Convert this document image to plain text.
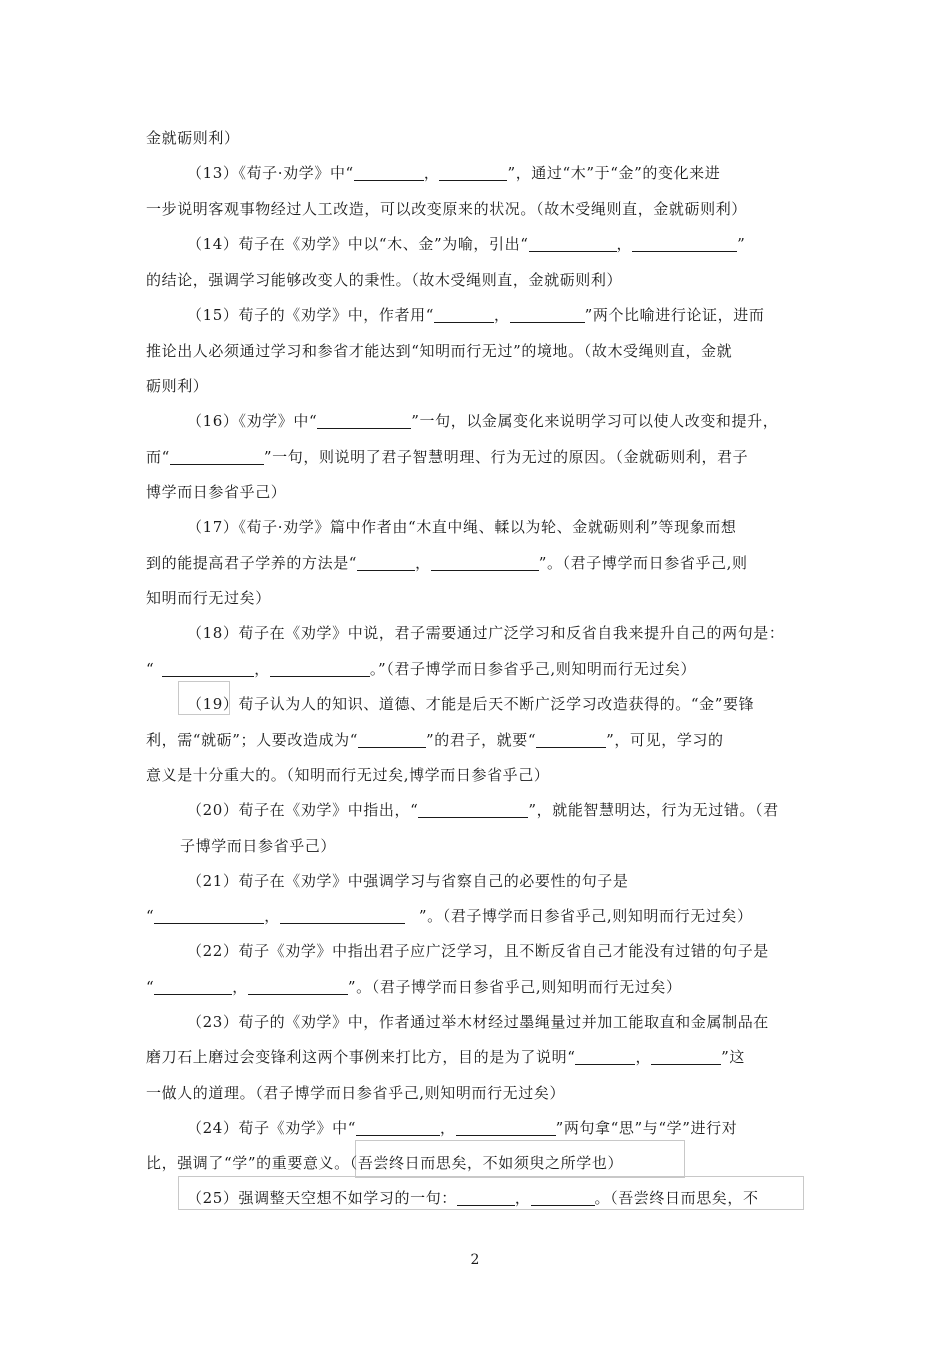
金就砺则利）
（13）《荀子·劝学》中“	，	”，通过“木”于“金”的变化来进
一步说明客观事物经过人工改造，可以改变原来的状况。（故木受绳则直，金就砺则利）
（14）荀子在《劝学》中以“木、金”为喻，引出“	，	”
的结论，强调学习能够改变人的秉性。（故木受绳则直，金就砺则利）
（15）荀子的《劝学》中，作者用“	，	”两个比喻进行论证，进而
推论出人必须通过学习和参省才能达到“知明而行无过”的境地。（故木受绳则直，金就
砺则利）
（16）《劝学》中“	”一句，以金属变化来说明学习可以使人改变和提升，
而“	”一句，则说明了君子智慧明理、行为无过的原因。（金就砺则利，君子
博学而日参省乎己）
（17）《荀子·劝学》篇中作者由“木直中绳、輮以为轮、金就砺则利”等现象而想
到的能提高君子学养的方法是“	，	”。（君子博学而日参省乎己,则
知明而行无过矣）
（18）荀子在《劝学》中说，君子需要通过广泛学习和反省自我来提升自己的两句是：
“	，	。”（君子博学而日参省乎己,则知明而行无过矣）
（19）荀子认为人的知识、道德、才能是后天不断广泛学习改造获得的。“金”要锋
利，需“就砺”；人要改造成为“	”的君子，就要“	”，可见，学习的
意义是十分重大的。（知明而行无过矣,博学而日参省乎己）
（20）荀子在《劝学》中指出，“	”，就能智慧明达，行为无过错。（君
子博学而日参省乎己）
（21）荀子在《劝学》中强调学习与省察自己的必要性的句子是
“	，	”。（君子博学而日参省乎己,则知明而行无过矣）
（22）荀子《劝学》中指出君子应广泛学习，且不断反省自己才能没有过错的句子是
“	，	”。（君子博学而日参省乎己,则知明而行无过矣）
（23）荀子的《劝学》中，作者通过举木材经过墨绳量过并加工能取直和金属制品在
磨刀石上磨过会变锋利这两个事例来打比方，目的是为了说明“	，	”这
一做人的道理。（君子博学而日参省乎己,则知明而行无过矣）
（24）荀子《劝学》中“	，	”两句拿“思”与“学”进行对
比，强调了“学”的重要意义。（吾尝终日而思矣，不如须臾之所学也）
（25）强调整天空想不如学习的一句：	，	。（吾尝终日而思矣，不
2
